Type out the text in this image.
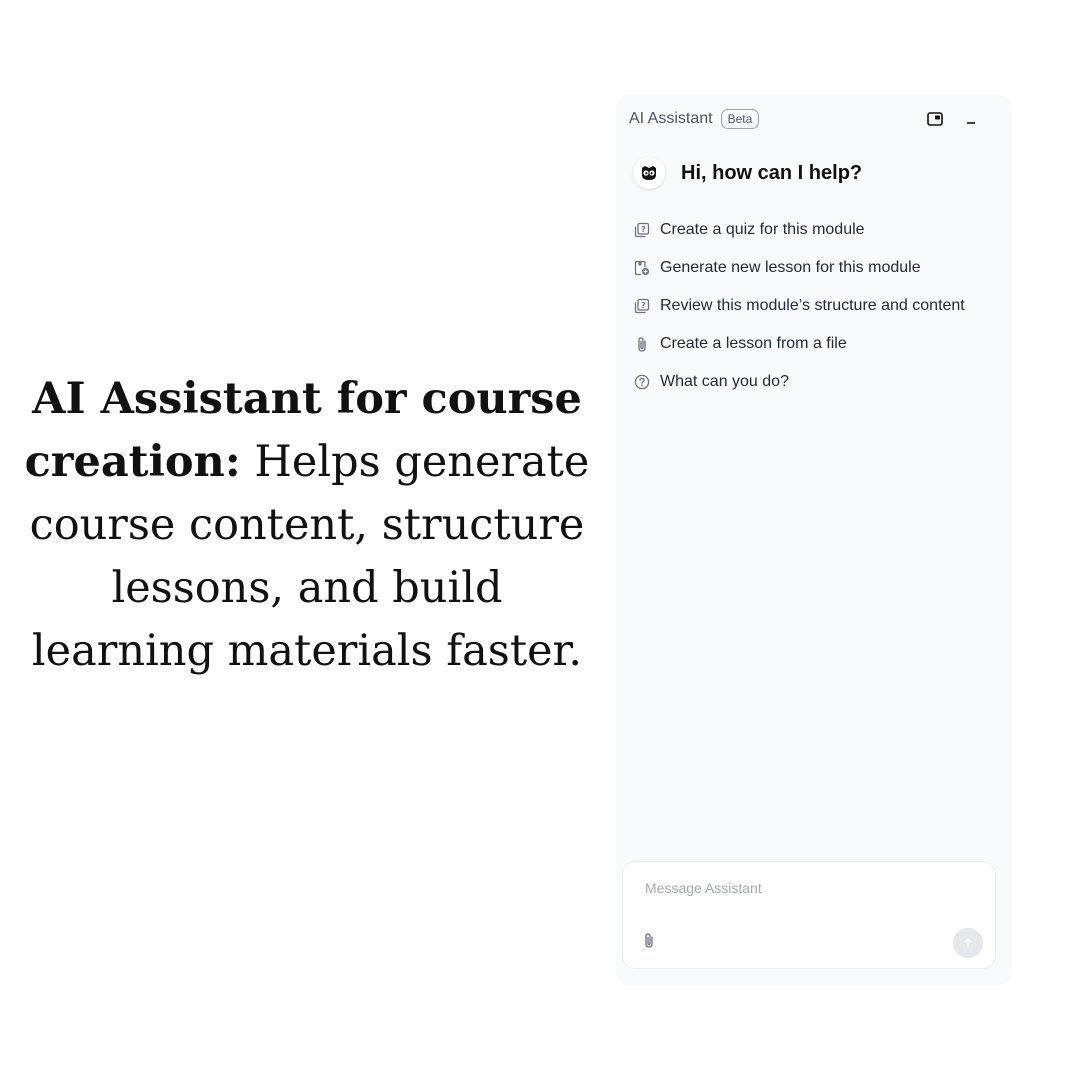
AI Assistant for course creation: Helps generate course content, structure lessons, and build learning materials faster.
AI Assistant	Beta
Hi, how can I help?
? Create a quiz for this module
Generate new lesson for this module
? Review this module’s structure and content
Create a lesson from a file
What can you do?
Message Assistant
